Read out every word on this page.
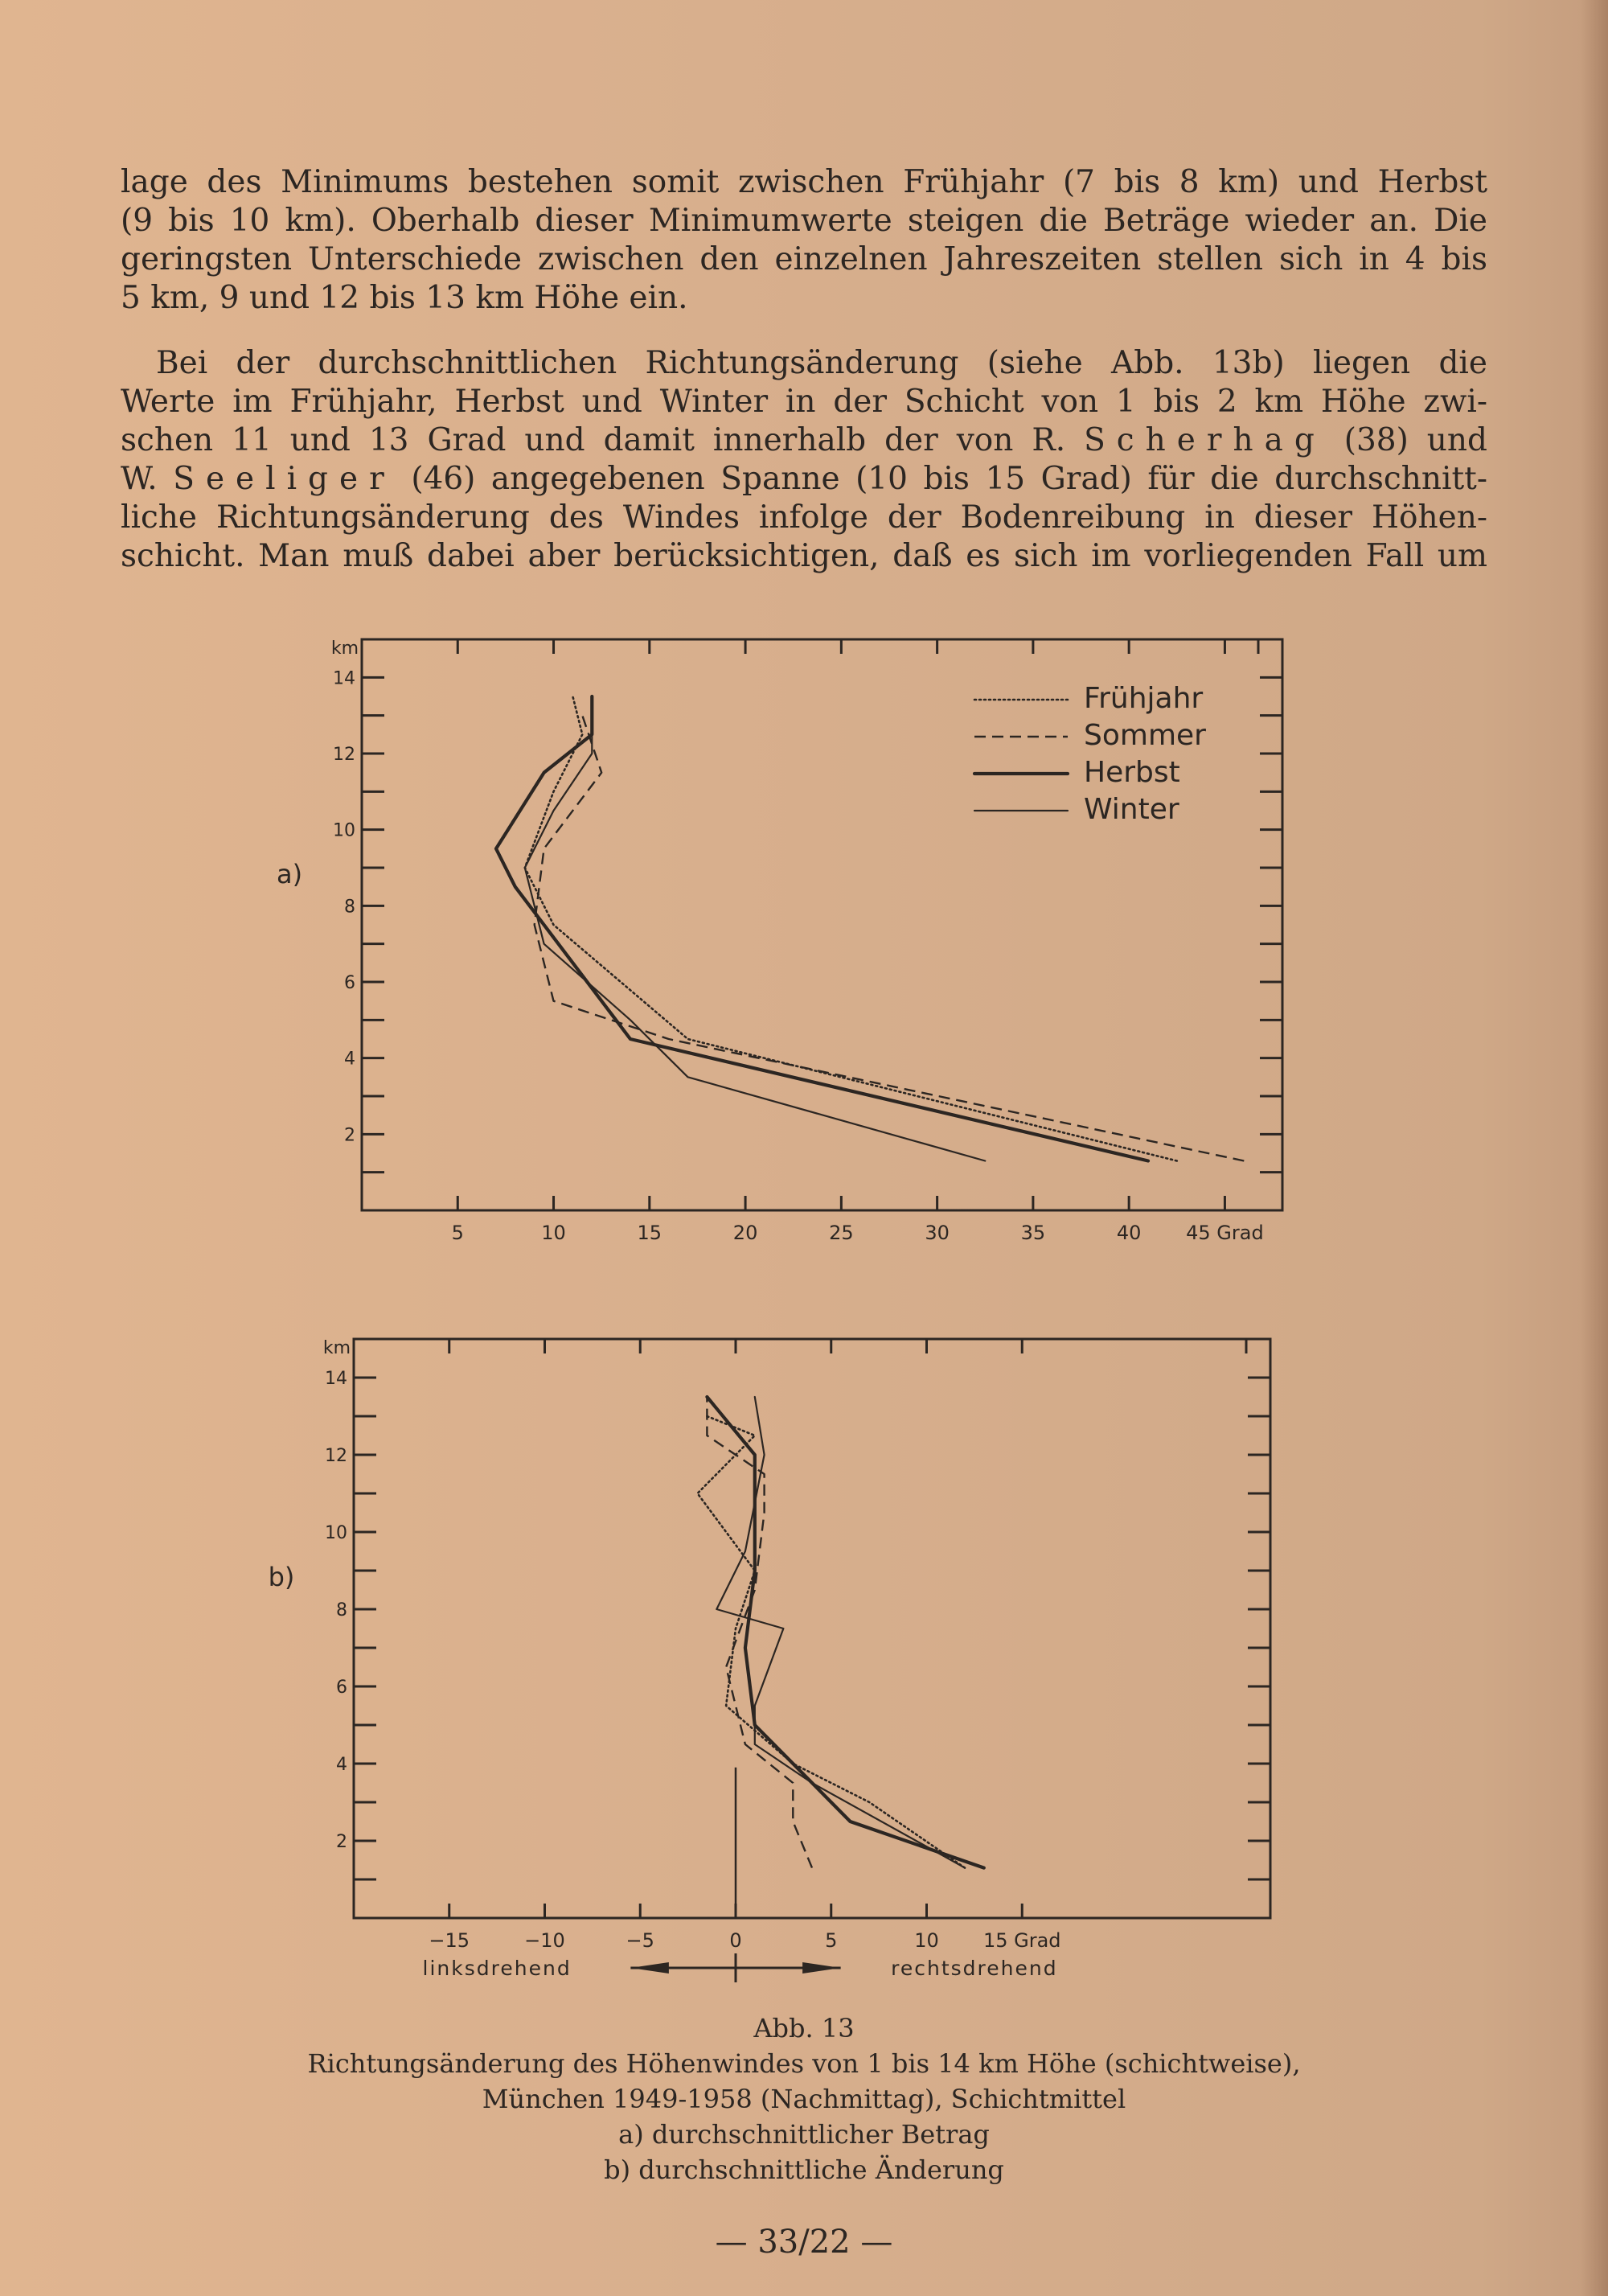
lage des Minimums bestehen somit zwischen Frühjahr (7 bis 8 km) und Herbst
(9 bis 10 km). Oberhalb dieser Minimumwerte steigen die Beträge wieder an. Die
geringsten Unterschiede zwischen den einzelnen Jahreszeiten stellen sich in 4 bis
5 km, 9 und 12 bis 13 km Höhe ein.
Bei der durchschnittlichen Richtungsänderung (siehe Abb. 13b) liegen die
Werte im Frühjahr, Herbst und Winter in der Schicht von 1 bis 2 km Höhe zwi-
schen 11 und 13 Grad und damit innerhalb der von R. Scherhag (38) und
W. Seeliger (46) angegebenen Spanne (10 bis 15 Grad) für die durchschnitt-
liche Richtungsänderung des Windes infolge der Bodenreibung in dieser Höhen-
schicht. Man muß dabei aber berücksichtigen, daß es sich im vorliegenden Fall um
5	10	15	20	25	30	35	40 45 Grad
2
4
6
8
10
12
14
km
a)
Frühjahr
Sommer
Herbst
Winter
−15	−10	−5	0	5	10 15 Grad
2
4
6
8
10
12
14
km
b)
linksdrehend	rechtsdrehend
Abb. 13
Richtungsänderung des Höhenwindes von 1 bis 14 km Höhe (schichtweise),
München 1949-1958 (Nachmittag), Schichtmittel
a) durchschnittlicher Betrag
b) durchschnittliche Änderung
— 33/22 —
